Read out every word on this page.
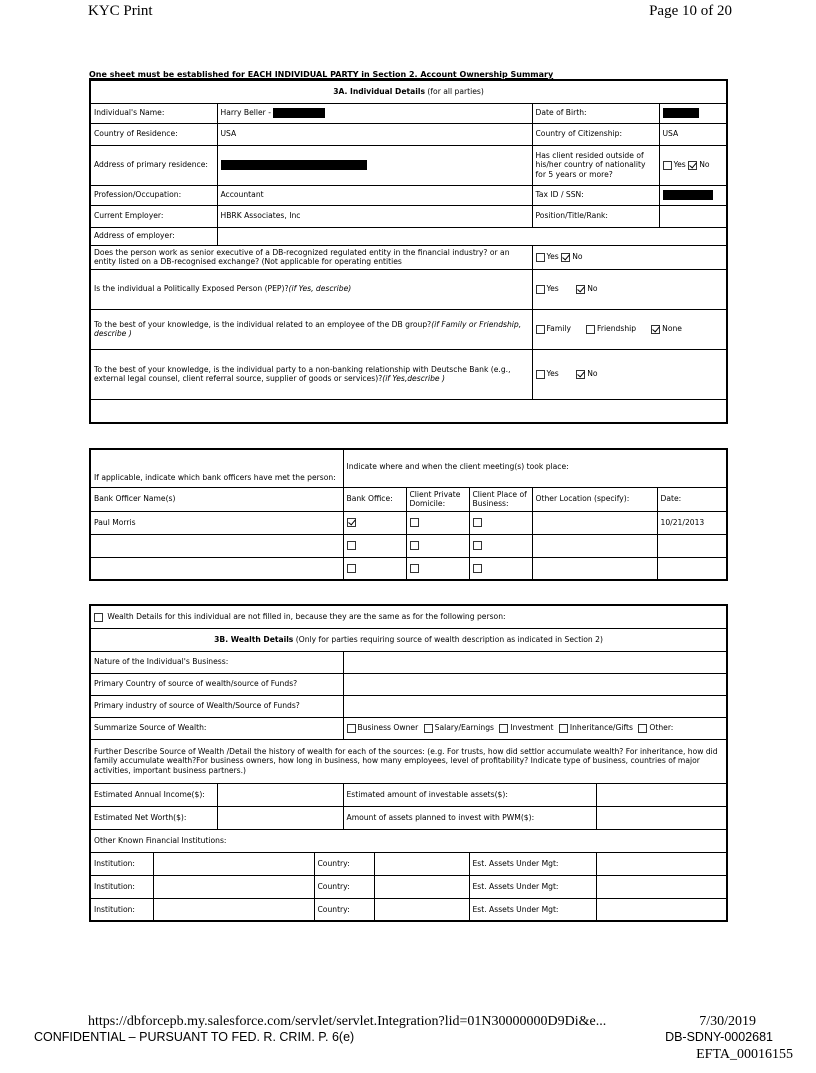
KYC Print	Page 10 of 20
One sheet must be established for EACH INDIVIDUAL PARTY in Section 2. Account Ownership Summary
3A. Individual Details (for all parties)			
Individual's Name:	Harry Beller -	Date of Birth:	
Country of Residence:	USA	Country of Citizenship:	USA
Address of primary residence:		Has client resided outside of his/her country of nationality for 5 years or more?	Yes No
Profession/Occupation:	Accountant	Tax ID / SSN:	
Current Employer:	HBRK Associates, Inc	Position/Title/Rank:	
Address of employer:			
Does the person work as senior executive of a DB-recognized regulated entity in the financial industry? or an entity listed on a DB-recognised exchange? (Not applicable for operating entities		Yes No	
Is the individual a Politically Exposed Person (PEP)?(if Yes, describe)		Yes No	
To the best of your knowledge, is the individual related to an employee of the DB group?(if Family or Friendship, describe )		Family Friendship None	
To the best of your knowledge, is the individual party to a non-banking relationship with Deutsche Bank (e.g., external legal counsel, client referral source, supplier of goods or services)?(if Yes,describe )		Yes No	

If applicable, indicate which bank officers have met the person:	Indicate where and when the client meeting(s) took place:				
Bank Officer Name(s)	Bank Office:	Client Private Domicile:	Client Place of Business:	Other Location (specify):	Date:
Paul Morris					10/21/2013

Wealth Details for this individual are not filled in, because they are the same as for the following person:							
3B. Wealth Details (Only for parties requiring source of wealth description as indicated in Section 2)							
Nature of the Individual's Business:							
Primary Country of source of wealth/source of Funds?							
Primary industry of source of Wealth/Source of Funds?							
Summarize Source of Wealth:				Business Owner Salary/Earnings Investment Inheritance/Gifts Other:			
Further Describe Source of Wealth /Detail the history of wealth for each of the sources: (e.g. For trusts, how did settlor accumulate wealth? For inheritance, how did family accumulate wealth?For business owners, how long in business, how many employees, level of profitability? Indicate type of business, countries of major activities, important business partners.)							
Estimated Annual Income($):				Estimated amount of investable assets($):			
Estimated Net Worth($):				Amount of assets planned to invest with PWM($):			
Other Known Financial Institutions:							
Institution:			Country:			Est. Assets Under Mgt:	
Institution:			Country:			Est. Assets Under Mgt:	
Institution:			Country:			Est. Assets Under Mgt:	
https://dbforcepb.my.salesforce.com/servlet/servlet.Integration?lid=01N30000000D9Di&e...	7/30/2019
CONFIDENTIAL – PURSUANT TO FED. R. CRIM. P. 6(e)	DB-SDNY-0002681
EFTA_00016155
